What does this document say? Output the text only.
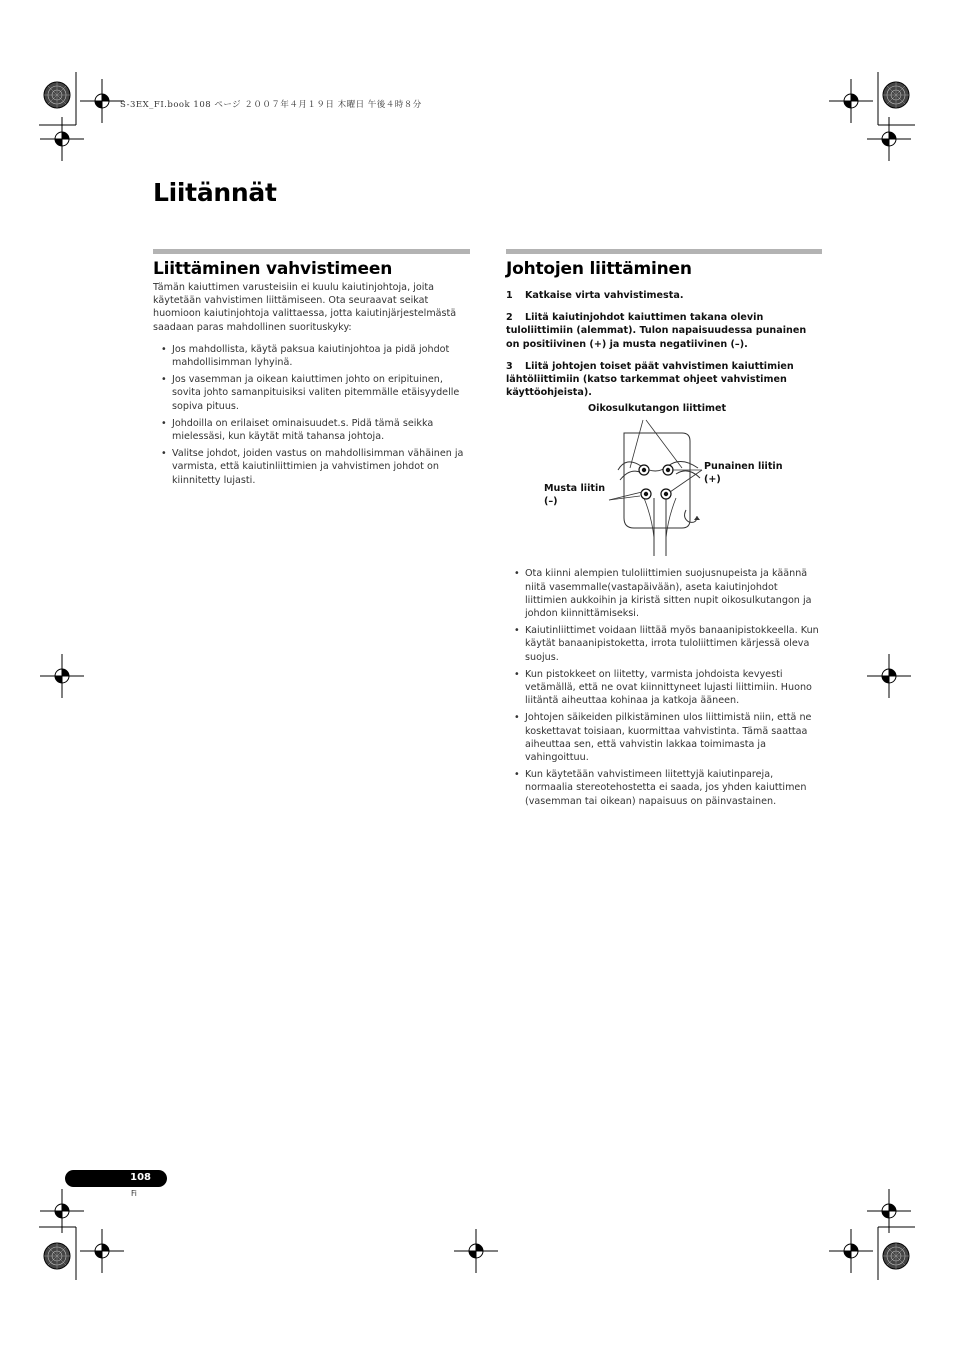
S-3EX_FI.book 108 ページ ２００７年４月１９日 木曜日 午後４時８分
Liitännät
Liittäminen vahvistimeen

Tämän kaiuttimen varusteisiin ei kuulu kaiutinjohtoja, joita käytetään vahvistimen liittämiseen. Ota seuraavat seikat huomioon kaiutinjohtoja valittaessa, jotta kaiutinjärjestelmästä saadaan paras mahdollinen suorituskyky:

• Jos mahdollista, käytä paksua kaiutinjohtoa ja pidä johdot mahdollisimman lyhyinä.
• Jos vasemman ja oikean kaiuttimen johto on eripituinen, sovita johto samanpituisiksi valiten pitemmälle etäisyydelle sopiva pituus.
• Johdoilla on erilaiset ominaisuudet.s. Pidä tämä seikka mielessäsi, kun käytät mitä tahansa johtoja.
• Valitse johdot, joiden vastus on mahdollisimman vähäinen ja varmista, että kaiutinliittimien ja vahvistimen johdot on kiinnitetty lujasti.
Johtojen liittäminen

1 Katkaise virta vahvistimesta.

2 Liitä kaiutinjohdot kaiuttimen takana olevin tuloliittimiin (alemmat). Tulon napaisuudessa punainen on positiivinen (+) ja musta negatiivinen (–).

3 Liitä johtojen toiset päät vahvistimen kaiuttimien lähtöliittimiin (katso tarkemmat ohjeet vahvistimen käyttöohjeista).

Oikosulkutangon liittimet
Punainen liitin
(+)
Musta liitin
(–)
• Ota kiinni alempien tuloliittimien suojusnupeista ja käännä niitä vasemmalle(vastapäivään), aseta kaiutinjohdot liittimien aukkoihin ja kiristä sitten nupit oikosulkutangon ja johdon kiinnittämiseksi.
• Kaiutinliittimet voidaan liittää myös banaanipistokkeella. Kun käytät banaanipistoketta, irrota tuloliittimen kärjessä oleva suojus.
• Kun pistokkeet on liitetty, varmista johdoista kevyesti vetämällä, että ne ovat kiinnittyneet lujasti liittimiin. Huono liitäntä aiheuttaa kohinaa ja katkoja ääneen.
• Johtojen säikeiden pilkistäminen ulos liittimistä niin, että ne koskettavat toisiaan, kuormittaa vahvistinta. Tämä saattaa aiheuttaa sen, että vahvistin lakkaa toimimasta ja vahingoittuu.
• Kun käytetään vahvistimeen liitettyjä kaiutinpareja, normaalia stereotehostetta ei saada, jos yhden kaiuttimen (vasemman tai oikean) napaisuus on päinvastainen.
108
Fi
